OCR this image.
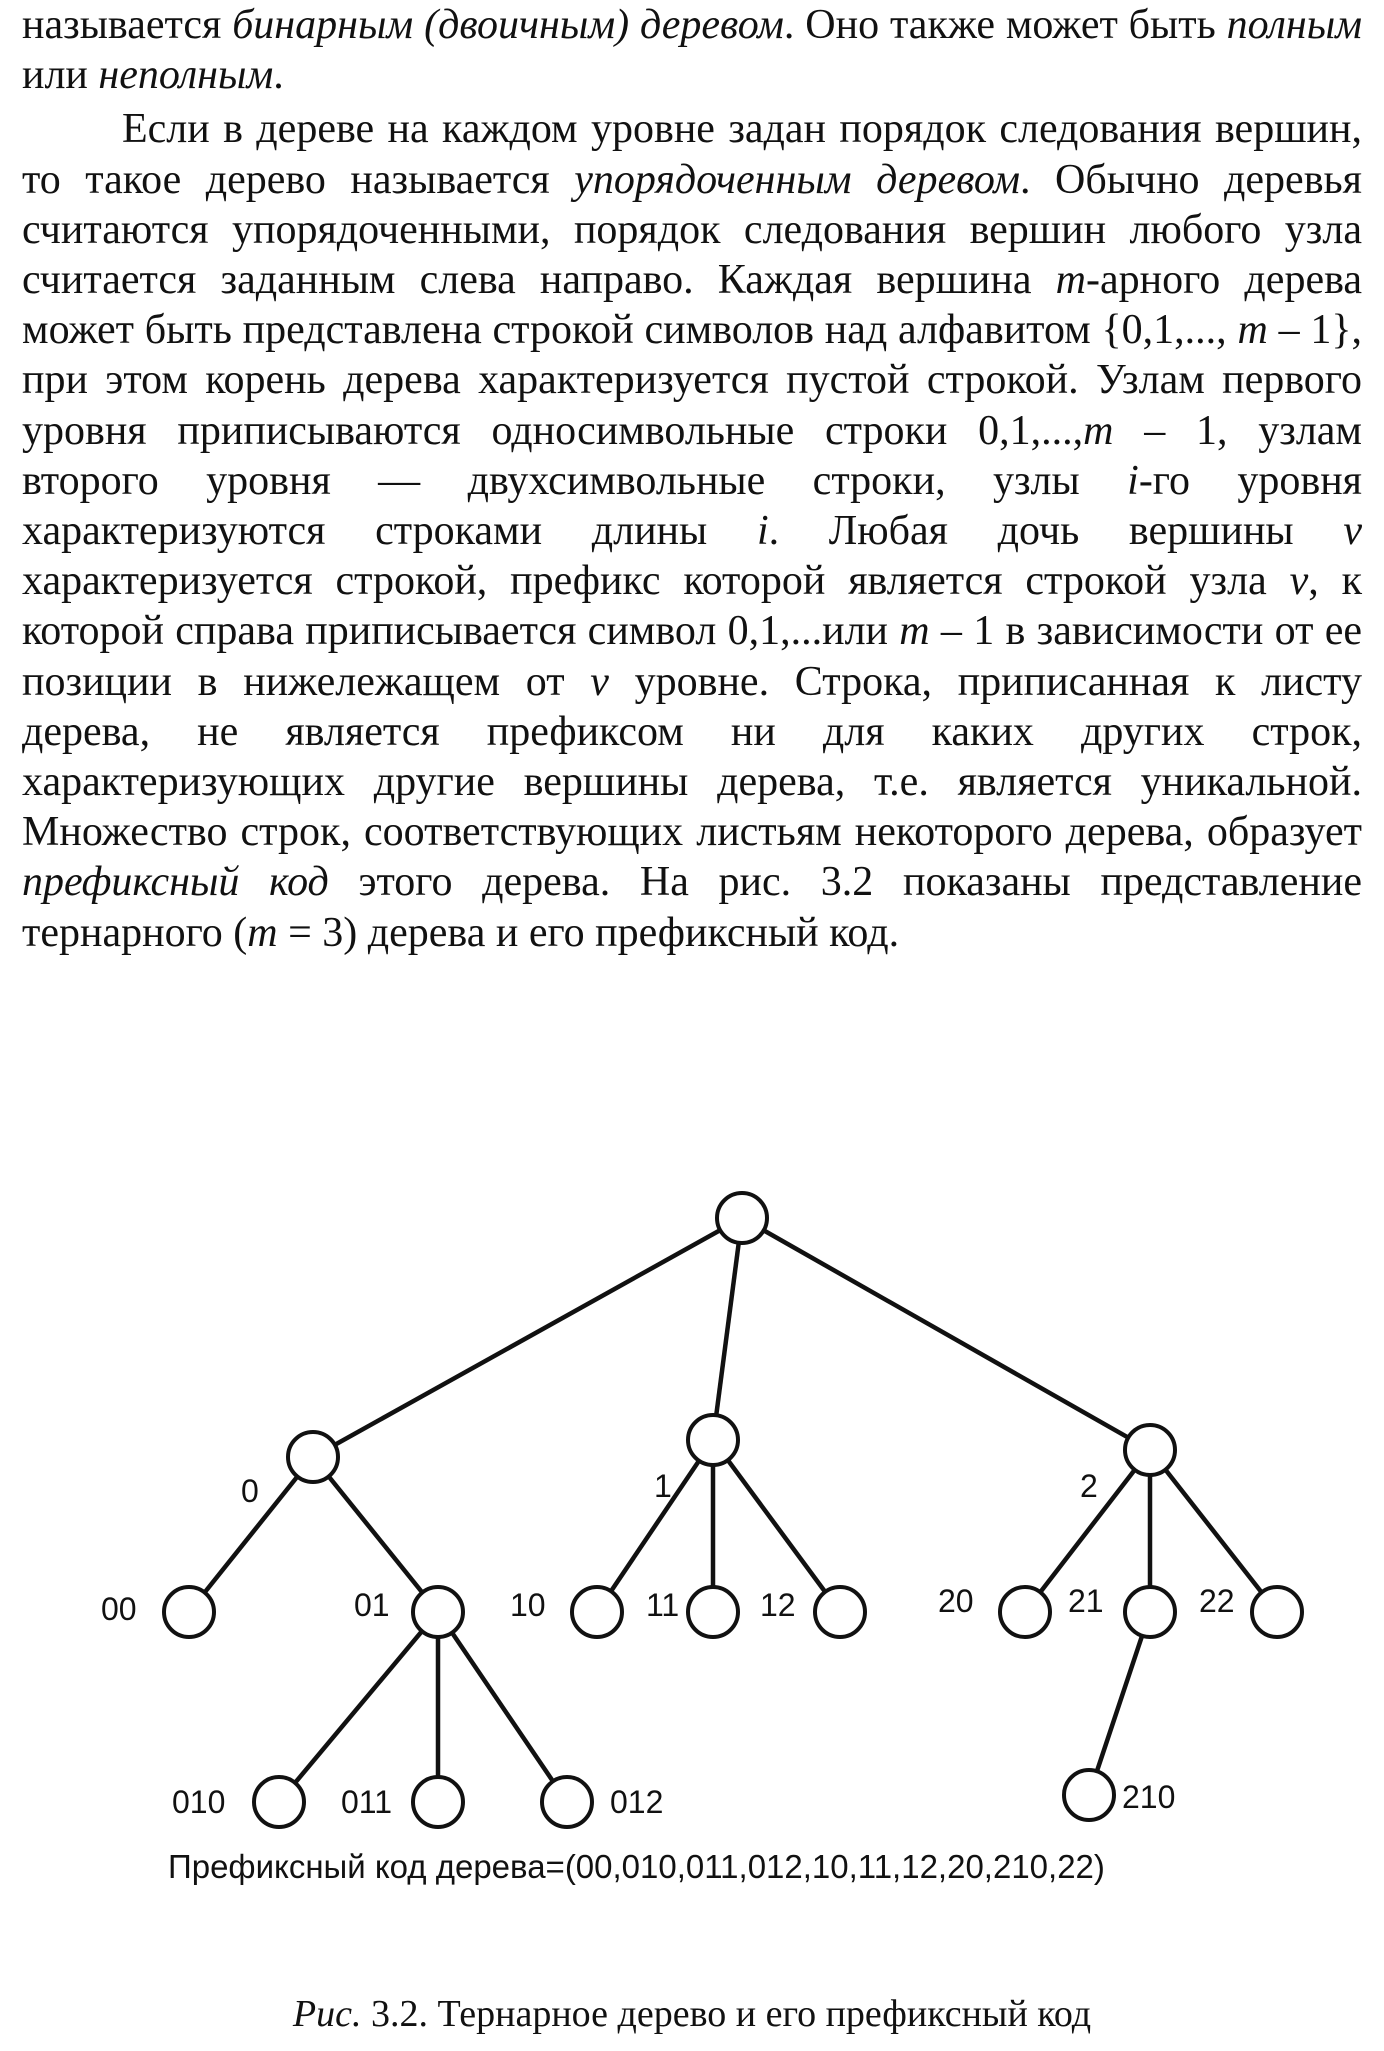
называется бинарным (двоичным) деревом. Оно также может быть полным или неполным.

Если в дереве на каждом уровне задан порядок следования вершин, то такое дерево называется упорядоченным деревом. Обычно деревья считаются упорядоченными, порядок следования вершин любого узла считается заданным слева направо. Каждая вершина m-арного дерева может быть представлена строкой символов над алфавитом {0,1,..., m – 1}, при этом корень дерева характеризуется пустой строкой. Узлам первого уровня приписываются односимвольные строки 0,1,...,m – 1, узлам второго уровня — двухсимвольные строки, узлы i-го уровня характеризуются строками длины i. Любая дочь вершины v характеризуется строкой, префикс которой является строкой узла v, к которой справа приписывается символ 0,1,...или m – 1 в зависимости от ее позиции в нижележащем от v уровне. Строка, приписанная к листу дерева, не является префиксом ни для каких других строк, характеризующих другие вершины дерева, т.е. является уникальной. Множество строк, соответствующих листьям некоторого дерева, образует префиксный код этого дерева. На рис. 3.2 показаны представление тернарного (m = 3) дерева и его префиксный код.

0	1	2
00	01	10	11	12	20	21	22
010	011	012	210
Префиксный код дерева=(00,010,011,012,10,11,12,20,210,22)
Рис. 3.2. Тернарное дерево и его префиксный код
